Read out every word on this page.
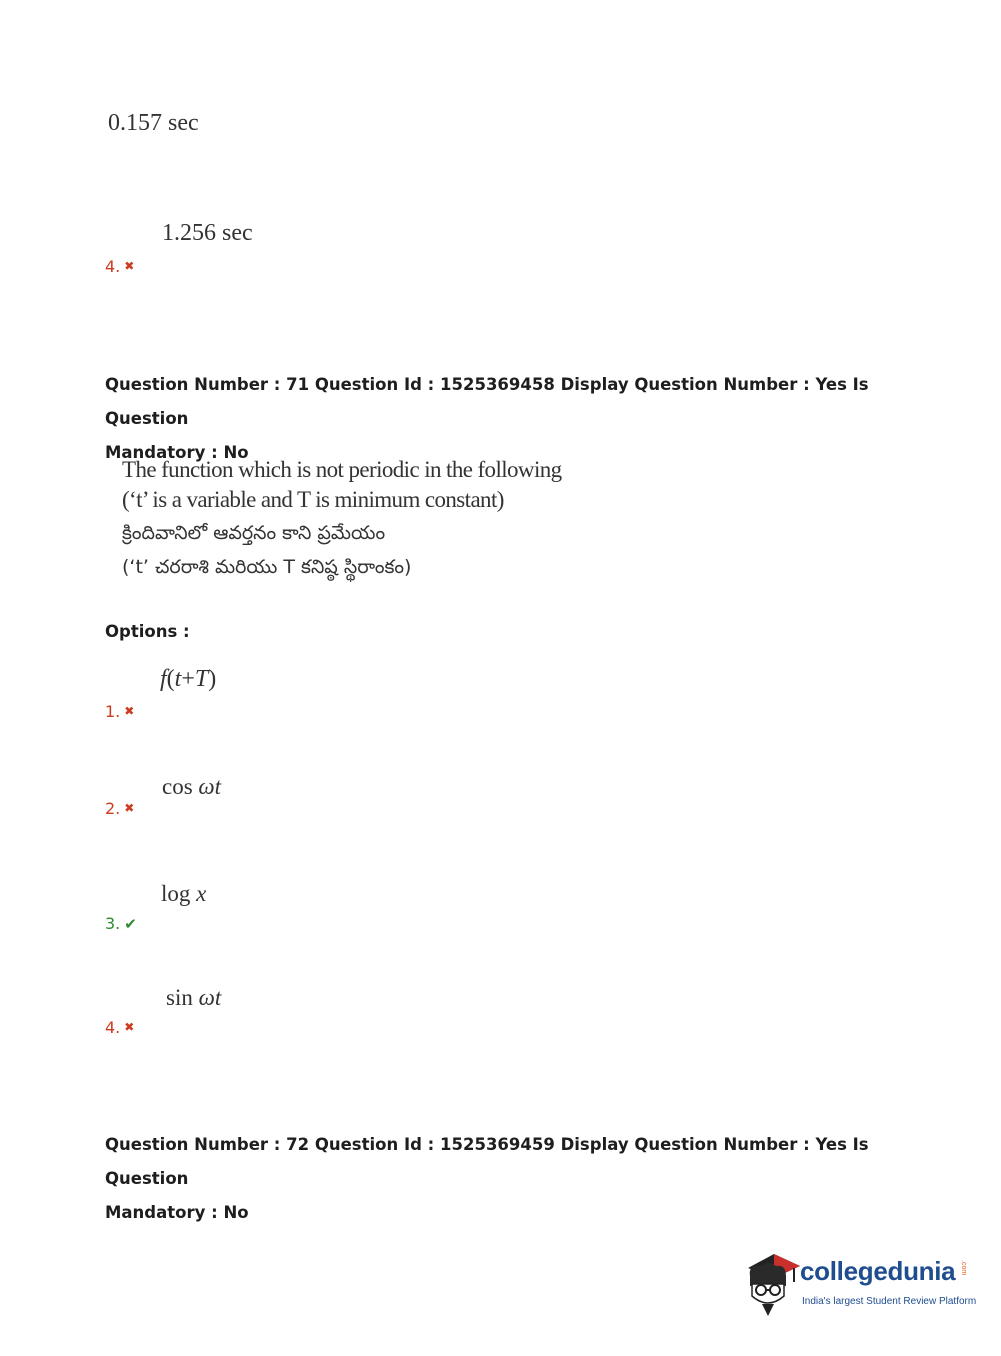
0.157 sec
1.256 sec
4. ✖
Question Number : 71 Question Id : 1525369458 Display Question Number : Yes Is Question
Mandatory : No
The function which is not periodic in the following
(‘t’ is a variable and T is minimum constant)
క్రిందివానిలో ఆవర్తనం కాని ప్రమేయం
(‘t’ చరరాశి మరియు T కనిష్ఠ స్థిరాంకం)
Options :
f(t+T)
1. ✖
cos ωt
2. ✖
log x
3. ✔
sin ωt
4. ✖
Question Number : 72 Question Id : 1525369459 Display Question Number : Yes Is Question
Mandatory : No
collegedunia .com
India's largest Student Review Platform
